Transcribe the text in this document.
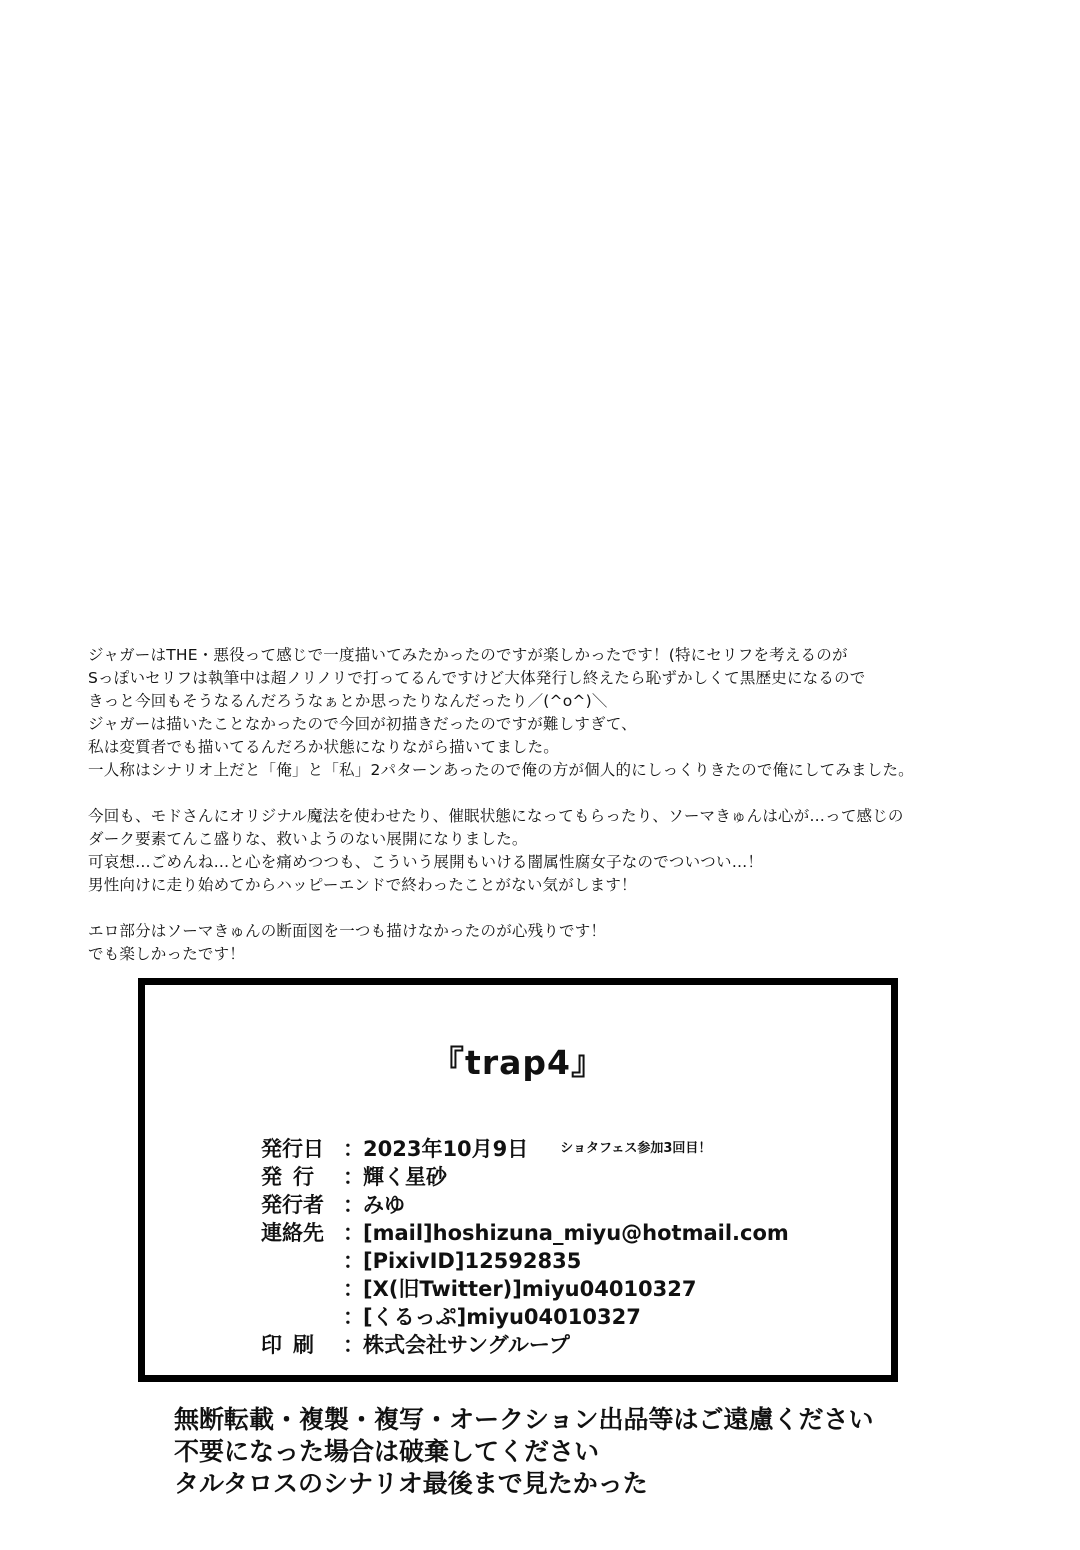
ジャガーはTHE・悪役って感じで一度描いてみたかったのですが楽しかったです！(特にセリフを考えるのが

Sっぽいセリフは執筆中は超ノリノリで打ってるんですけど大体発行し終えたら恥ずかしくて黒歴史になるので

きっと今回もそうなるんだろうなぁとか思ったりなんだったり／(^o^)＼

ジャガーは描いたことなかったので今回が初描きだったのですが難しすぎて、

私は変質者でも描いてるんだろか状態になりながら描いてました。

一人称はシナリオ上だと「俺」と「私」2パターンあったので俺の方が個人的にしっくりきたので俺にしてみました。

今回も、モドさんにオリジナル魔法を使わせたり、催眠状態になってもらったり、ソーマきゅんは心が…って感じの

ダーク要素てんこ盛りな、救いようのない展開になりました。

可哀想…ごめんね…と心を痛めつつも、こういう展開もいける闇属性腐女子なのでついつい…！

男性向けに走り始めてからハッピーエンドで終わったことがない気がします！

エロ部分はソーマきゅんの断面図を一つも描けなかったのが心残りです！

でも楽しかったです！

『trap4』
発行日 ： 2023年10月9日 ショタフェス参加3回目！
発行 ： 輝く星砂
発行者 ： みゆ
連絡先 ： [mail]hoshizuna_miyu@hotmail.com
： [PixivID]12592835
： [X(旧Twitter)]miyu04010327
： [くるっぷ]miyu04010327
印刷 ： 株式会社サングループ

無断転載・複製・複写・オークション出品等はご遠慮ください

不要になった場合は破棄してください

タルタロスのシナリオ最後まで見たかった
